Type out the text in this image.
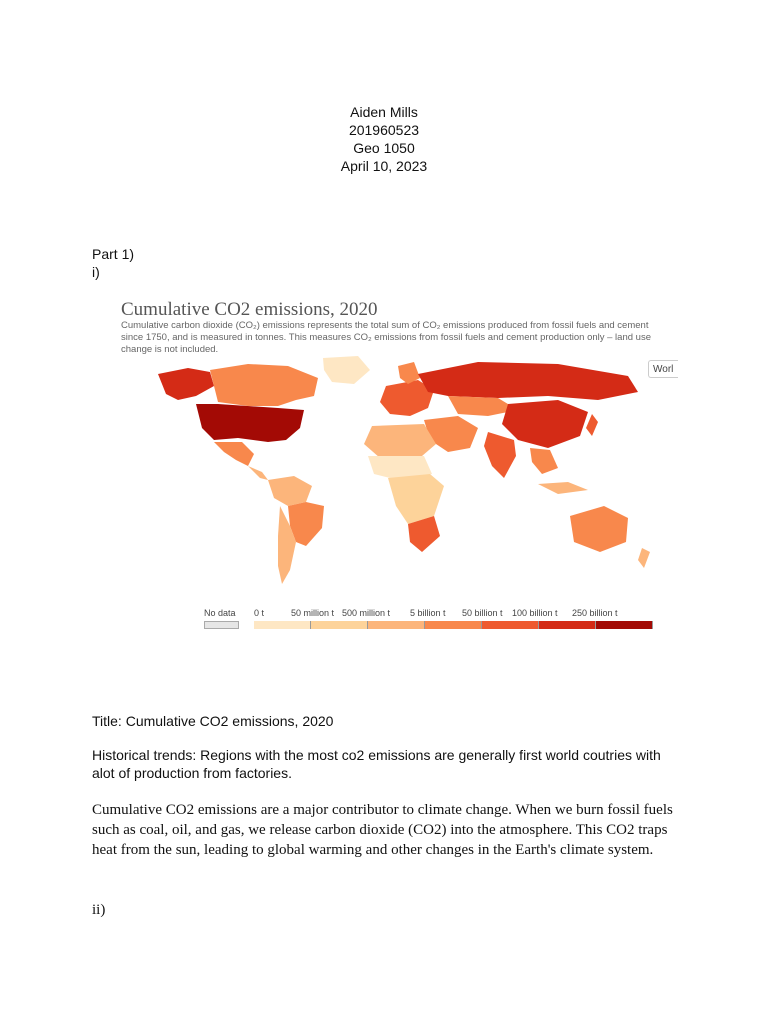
Aiden Mills
201960523
Geo 1050
April 10, 2023
Part 1)
i)
Cumulative CO2 emissions, 2020
Cumulative carbon dioxide (CO₂) emissions represents the total sum of CO₂ emissions produced from fossil fuels and cement since 1750, and is measured in tonnes. This measures CO₂ emissions from fossil fuels and cement production only – land use change is not included.
Worl
No data 0 t	50 million t 500 million t 5 billion t 50 billion t 100 billion t 250 billion t
Title: Cumulative CO2 emissions, 2020
Historical trends: Regions with the most co2 emissions are generally first world coutries with alot of production from factories.
Cumulative CO2 emissions are a major contributor to climate change. When we burn fossil fuels such as coal, oil, and gas, we release carbon dioxide (CO2) into the atmosphere. This CO2 traps heat from the sun, leading to global warming and other changes in the Earth's climate system.
ii)
